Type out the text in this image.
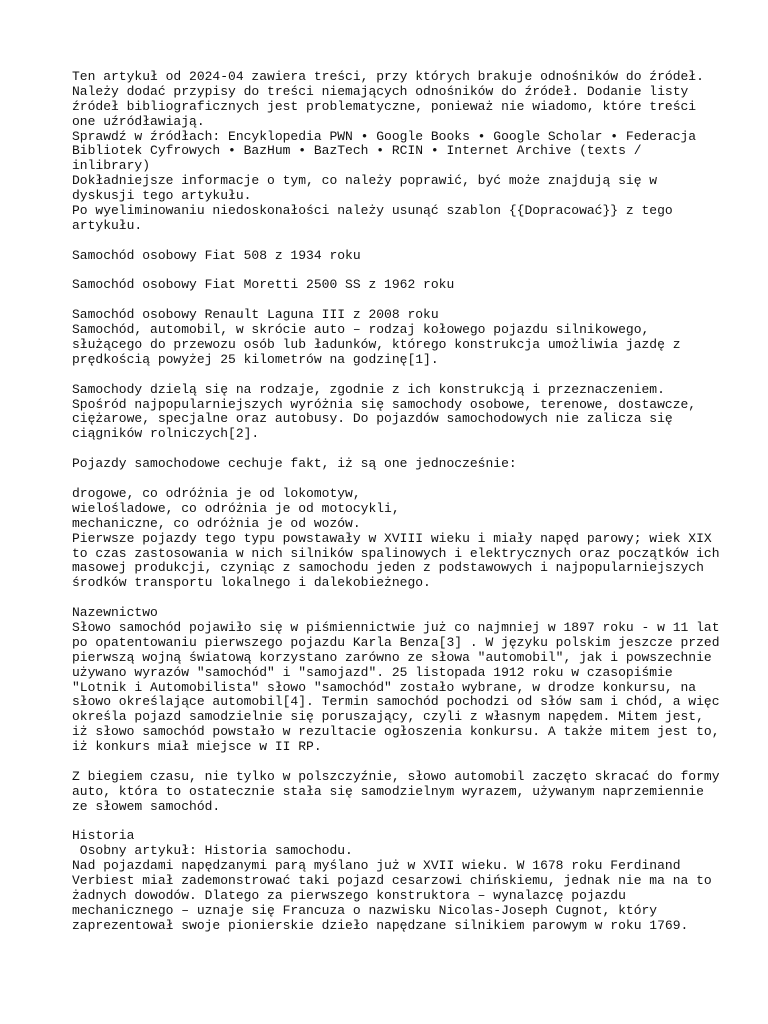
Ten artykuł od 2024-04 zawiera treści, przy których brakuje odnośników do źródeł.
Należy dodać przypisy do treści niemających odnośników do źródeł. Dodanie listy
źródeł bibliograficznych jest problematyczne, ponieważ nie wiadomo, które treści
one uźródławiają.
Sprawdź w źródłach: Encyklopedia PWN • Google Books • Google Scholar • Federacja
Bibliotek Cyfrowych • BazHum • BazTech • RCIN • Internet Archive (texts /
inlibrary)
Dokładniejsze informacje o tym, co należy poprawić, być może znajdują się w
dyskusji tego artykułu.
Po wyeliminowaniu niedoskonałości należy usunąć szablon {{Dopracować}} z tego
artykułu.
Samochód osobowy Fiat 508 z 1934 roku
Samochód osobowy Fiat Moretti 2500 SS z 1962 roku
Samochód osobowy Renault Laguna III z 2008 roku
Samochód, automobil, w skrócie auto – rodzaj kołowego pojazdu silnikowego,
służącego do przewozu osób lub ładunków, którego konstrukcja umożliwia jazdę z
prędkością powyżej 25 kilometrów na godzinę[1].
Samochody dzielą się na rodzaje, zgodnie z ich konstrukcją i przeznaczeniem.
Spośród najpopularniejszych wyróżnia się samochody osobowe, terenowe, dostawcze,
ciężarowe, specjalne oraz autobusy. Do pojazdów samochodowych nie zalicza się
ciągników rolniczych[2].
Pojazdy samochodowe cechuje fakt, iż są one jednocześnie:
drogowe, co odróżnia je od lokomotyw,
wielośladowe, co odróżnia je od motocykli,
mechaniczne, co odróżnia je od wozów.
Pierwsze pojazdy tego typu powstawały w XVIII wieku i miały napęd parowy; wiek XIX
to czas zastosowania w nich silników spalinowych i elektrycznych oraz początków ich
masowej produkcji, czyniąc z samochodu jeden z podstawowych i najpopularniejszych
środków transportu lokalnego i dalekobieżnego.
Nazewnictwo
Słowo samochód pojawiło się w piśmiennictwie już co najmniej w 1897 roku - w 11 lat
po opatentowaniu pierwszego pojazdu Karla Benza[3] . W języku polskim jeszcze przed
pierwszą wojną światową korzystano zarówno ze słowa "automobil", jak i powszechnie
używano wyrazów "samochód" i "samojazd". 25 listopada 1912 roku w czasopiśmie
"Lotnik i Automobilista" słowo "samochód" zostało wybrane, w drodze konkursu, na
słowo określające automobil[4]. Termin samochód pochodzi od słów sam i chód, a więc
określa pojazd samodzielnie się poruszający, czyli z własnym napędem. Mitem jest,
iż słowo samochód powstało w rezultacie ogłoszenia konkursu. A także mitem jest to,
iż konkurs miał miejsce w II RP.
Z biegiem czasu, nie tylko w polszczyźnie, słowo automobil zaczęto skracać do formy
auto, która to ostatecznie stała się samodzielnym wyrazem, używanym naprzemiennie
ze słowem samochód.
Historia
Osobny artykuł: Historia samochodu.
Nad pojazdami napędzanymi parą myślano już w XVII wieku. W 1678 roku Ferdinand
Verbiest miał zademonstrować taki pojazd cesarzowi chińskiemu, jednak nie ma na to
żadnych dowodów. Dlatego za pierwszego konstruktora – wynalazcę pojazdu
mechanicznego – uznaje się Francuza o nazwisku Nicolas-Joseph Cugnot, który
zaprezentował swoje pionierskie dzieło napędzane silnikiem parowym w roku 1769.
